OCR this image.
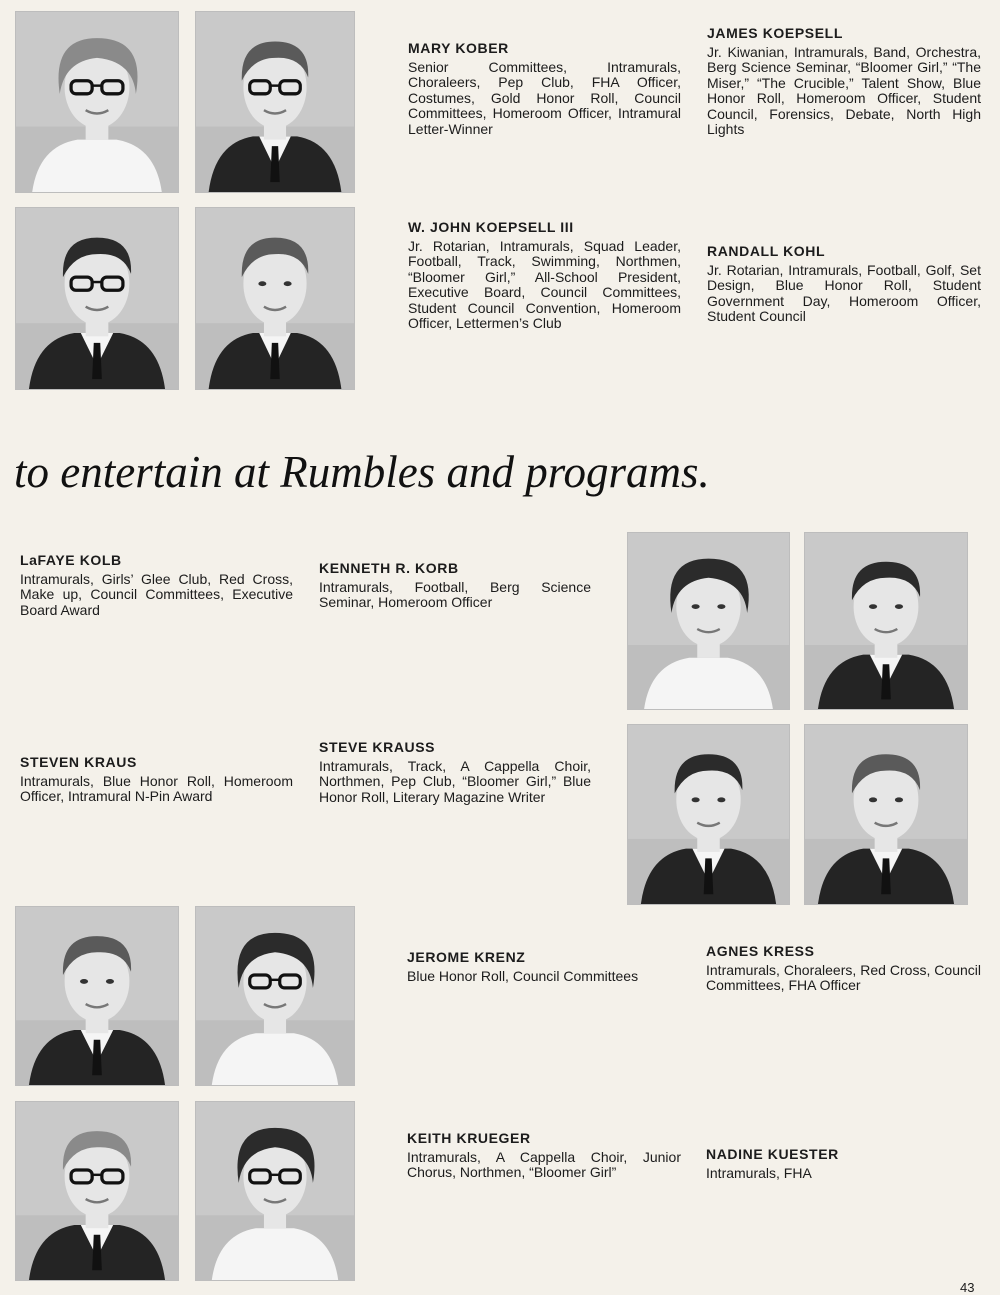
MARY KOBER

Senior Committees, Intramurals, Choraleers, Pep Club, FHA Officer, Costumes, Gold Honor Roll, Council Committees, Homeroom Officer, Intramural Letter-Winner

JAMES KOEPSELL

Jr. Kiwanian, Intramurals, Band, Orchestra, Berg Science Seminar, “Bloomer Girl,” “The Miser,” “The Crucible,” Talent Show, Blue Honor Roll, Homeroom Officer, Student Council, Forensics, Debate, North High Lights

W. JOHN KOEPSELL III

Jr. Rotarian, Intramurals, Squad Leader, Football, Track, Swimming, Northmen, “Bloomer Girl,” All-School President, Executive Board, Council Committees, Student Council Convention, Homeroom Officer, Lettermen’s Club

RANDALL KOHL

Jr. Rotarian, Intramurals, Football, Golf, Set Design, Blue Honor Roll, Student Government Day, Homeroom Officer, Student Council

to entertain at Rumbles and programs.

LaFAYE KOLB

Intramurals, Girls’ Glee Club, Red Cross, Make up, Council Committees, Executive Board Award

KENNETH R. KORB

Intramurals, Football, Berg Science Seminar, Homeroom Officer

STEVEN KRAUS

Intramurals, Blue Honor Roll, Homeroom Officer, Intramural N-Pin Award

STEVE KRAUSS

Intramurals, Track, A Cappella Choir, Northmen, Pep Club, “Bloomer Girl,” Blue Honor Roll, Literary Magazine Writer

JEROME KRENZ

Blue Honor Roll, Council Committees

AGNES KRESS

Intramurals, Choraleers, Red Cross, Council Committees, FHA Officer

KEITH KRUEGER

Intramurals, A Cappella Choir, Junior Chorus, Northmen, “Bloomer Girl”

NADINE KUESTER

Intramurals, FHA

43
